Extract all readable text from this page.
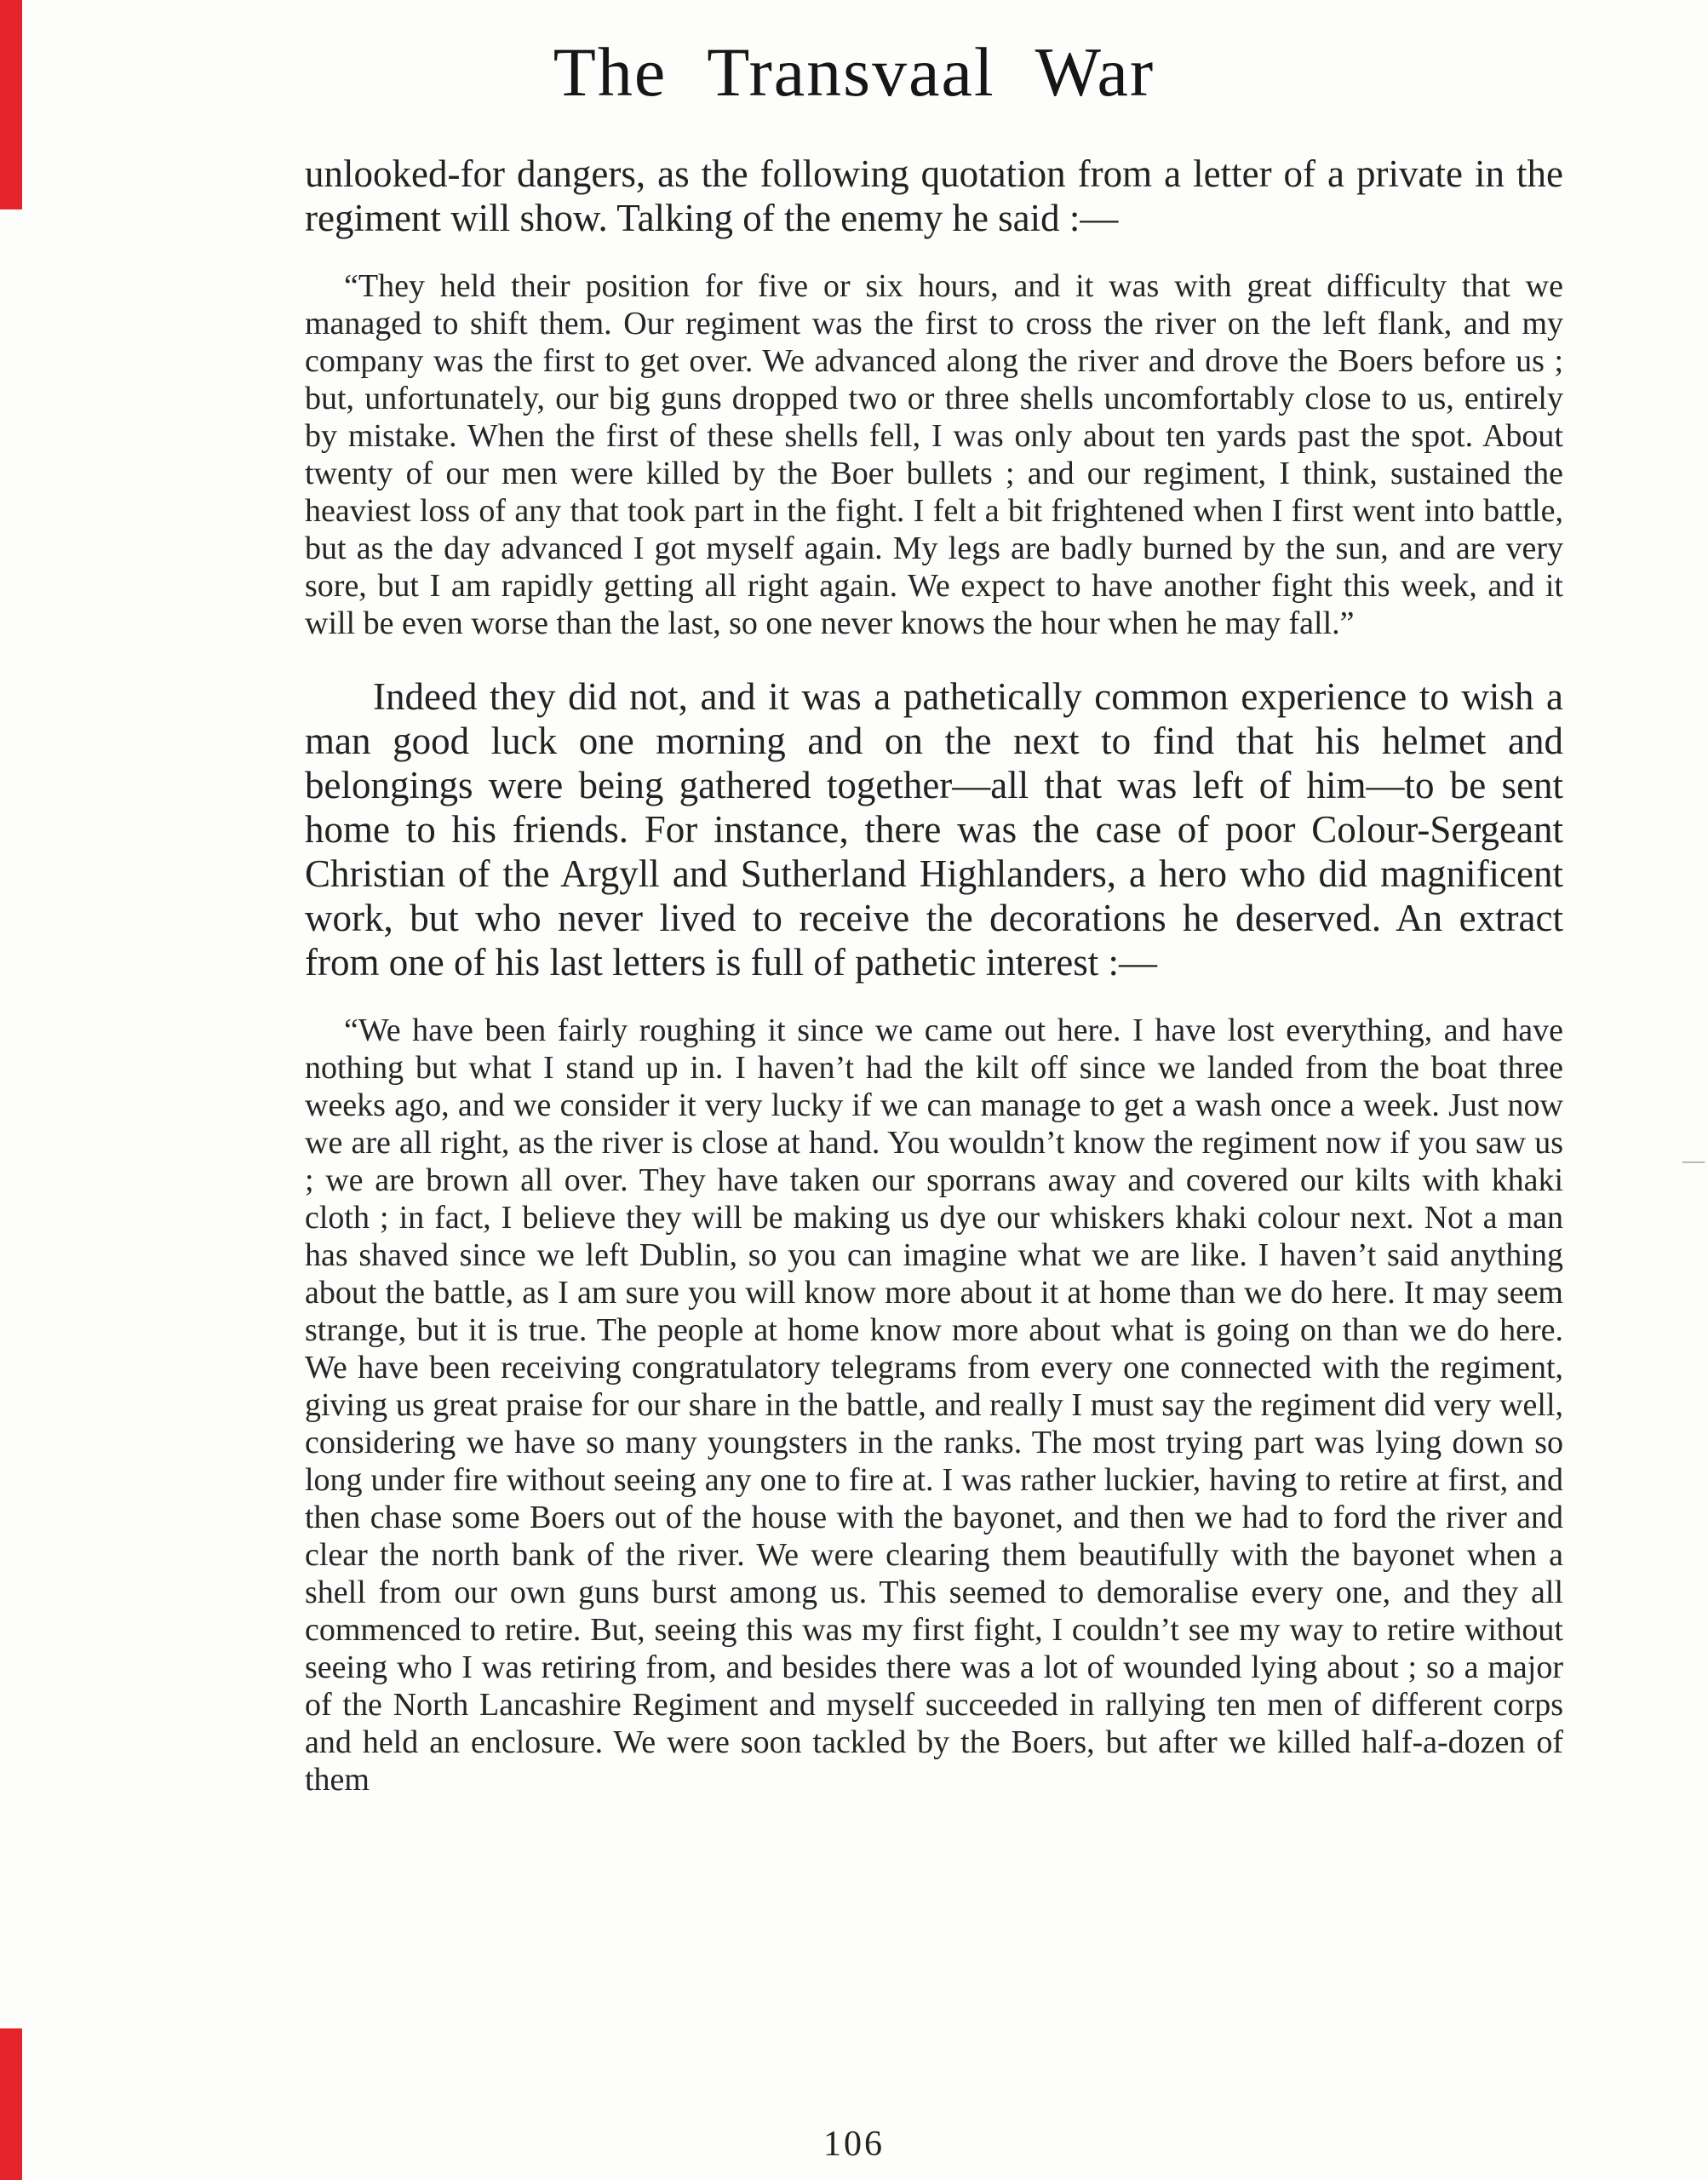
The Transvaal War

unlooked-for dangers, as the following quotation from a letter of a private in the regiment will show. Talking of the enemy he said :—

“They held their position for five or six hours, and it was with great difficulty that we managed to shift them. Our regiment was the first to cross the river on the left flank, and my company was the first to get over. We advanced along the river and drove the Boers before us ; but, unfortunately, our big guns dropped two or three shells uncomfortably close to us, entirely by mistake. When the first of these shells fell, I was only about ten yards past the spot. About twenty of our men were killed by the Boer bullets ; and our regiment, I think, sustained the heaviest loss of any that took part in the fight. I felt a bit frightened when I first went into battle, but as the day advanced I got myself again. My legs are badly burned by the sun, and are very sore, but I am rapidly getting all right again. We expect to have another fight this week, and it will be even worse than the last, so one never knows the hour when he may fall.”

Indeed they did not, and it was a pathetically common experience to wish a man good luck one morning and on the next to find that his helmet and belongings were being gathered together—all that was left of him—to be sent home to his friends. For instance, there was the case of poor Colour-Sergeant Christian of the Argyll and Sutherland Highlanders, a hero who did magnificent work, but who never lived to receive the decorations he deserved. An extract from one of his last letters is full of pathetic interest :—

“We have been fairly roughing it since we came out here. I have lost everything, and have nothing but what I stand up in. I haven’t had the kilt off since we landed from the boat three weeks ago, and we consider it very lucky if we can manage to get a wash once a week. Just now we are all right, as the river is close at hand. You wouldn’t know the regiment now if you saw us ; we are brown all over. They have taken our sporrans away and covered our kilts with khaki cloth ; in fact, I believe they will be making us dye our whiskers khaki colour next. Not a man has shaved since we left Dublin, so you can imagine what we are like. I haven’t said anything about the battle, as I am sure you will know more about it at home than we do here. It may seem strange, but it is true. The people at home know more about what is going on than we do here. We have been receiving congratulatory telegrams from every one connected with the regiment, giving us great praise for our share in the battle, and really I must say the regiment did very well, considering we have so many youngsters in the ranks. The most trying part was lying down so long under fire without seeing any one to fire at. I was rather luckier, having to retire at first, and then chase some Boers out of the house with the bayonet, and then we had to ford the river and clear the north bank of the river. We were clearing them beautifully with the bayonet when a shell from our own guns burst among us. This seemed to demoralise every one, and they all commenced to retire. But, seeing this was my first fight, I couldn’t see my way to retire without seeing who I was retiring from, and besides there was a lot of wounded lying about ; so a major of the North Lancashire Regiment and myself succeeded in rallying ten men of different corps and held an enclosure. We were soon tackled by the Boers, but after we killed half-a-dozen of them

—
106
